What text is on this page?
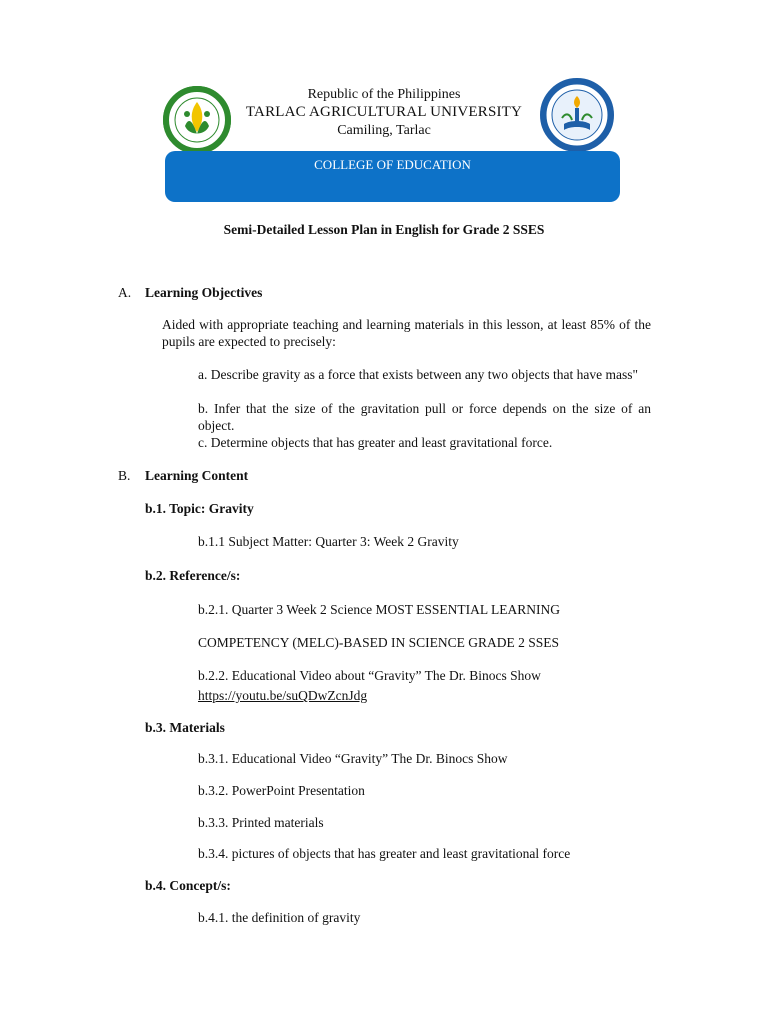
Republic of the Philippines
TARLAC AGRICULTURAL UNIVERSITY
Camiling, Tarlac
COLLEGE OF EDUCATION
Semi-Detailed Lesson Plan in English for Grade 2 SSES
A. Learning Objectives
Aided with appropriate teaching and learning materials in this lesson, at least 85% of the pupils are expected to precisely:
a. Describe gravity as a force that exists between any two objects that have mass"
b. Infer that the size of the gravitation pull or force depends on the size of an object.
c. Determine objects that has greater and least gravitational force.
B. Learning Content
b.1. Topic: Gravity
b.1.1 Subject Matter: Quarter 3: Week 2 Gravity
b.2. Reference/s:
b.2.1. Quarter 3 Week 2 Science MOST ESSENTIAL LEARNING
COMPETENCY (MELC)-BASED IN SCIENCE GRADE 2 SSES
b.2.2. Educational Video about “Gravity” The Dr. Binocs Show
https://youtu.be/suQDwZcnJdg
b.3. Materials
b.3.1. Educational Video “Gravity” The Dr. Binocs Show
b.3.2. PowerPoint Presentation
b.3.3. Printed materials
b.3.4. pictures of objects that has greater and least gravitational force
b.4. Concept/s:
b.4.1. the definition of gravity
